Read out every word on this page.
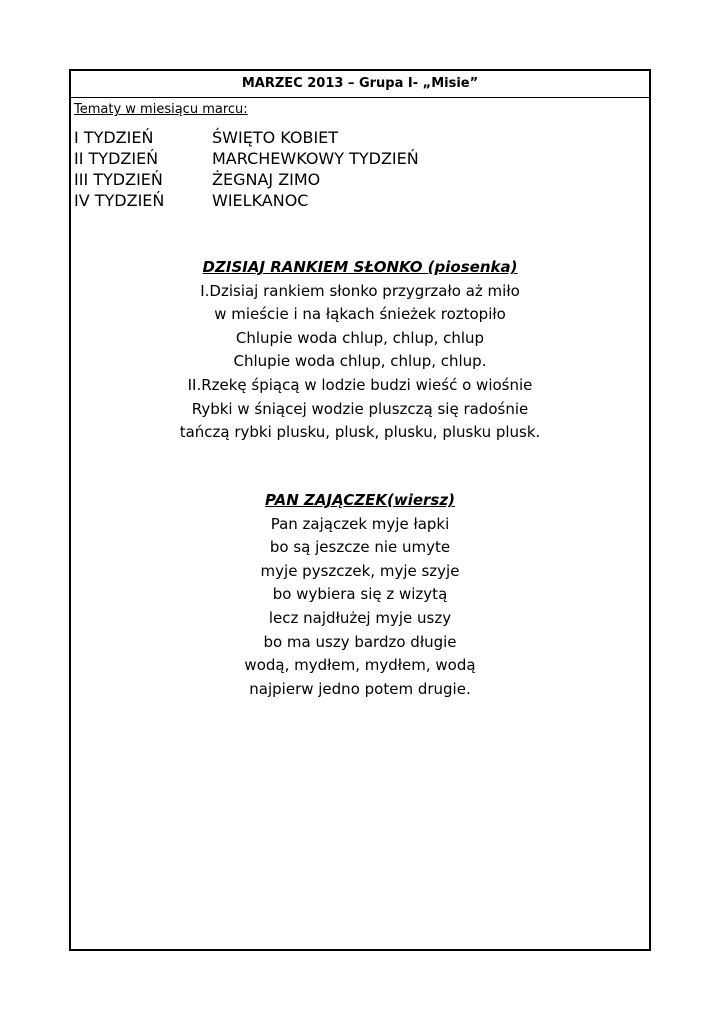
MARZEC 2013 – Grupa I- „Misie”
Tematy w miesiącu marcu:
I TYDZIEŃ	ŚWIĘTO KOBIET
II TYDZIEŃ	MARCHEWKOWY TYDZIEŃ
III TYDZIEŃ	ŻEGNAJ ZIMO
IV TYDZIEŃ	WIELKANOC
DZISIAJ RANKIEM SŁONKO (piosenka)
I.Dzisiaj rankiem słonko przygrzało aż miło
w mieście i na łąkach śnieżek roztopiło
Chlupie woda chlup, chlup, chlup
Chlupie woda chlup, chlup, chlup.
II.Rzekę śpiącą w lodzie budzi wieść o wiośnie
Rybki w śniącej wodzie pluszczą się radośnie
tańczą rybki plusku, plusk, plusku, plusku plusk.
PAN ZAJĄCZEK(wiersz)
Pan zajączek myje łapki
bo są jeszcze nie umyte
myje pyszczek, myje szyje
bo wybiera się z wizytą
lecz najdłużej myje uszy
bo ma uszy bardzo długie
wodą, mydłem, mydłem, wodą
najpierw jedno potem drugie.
